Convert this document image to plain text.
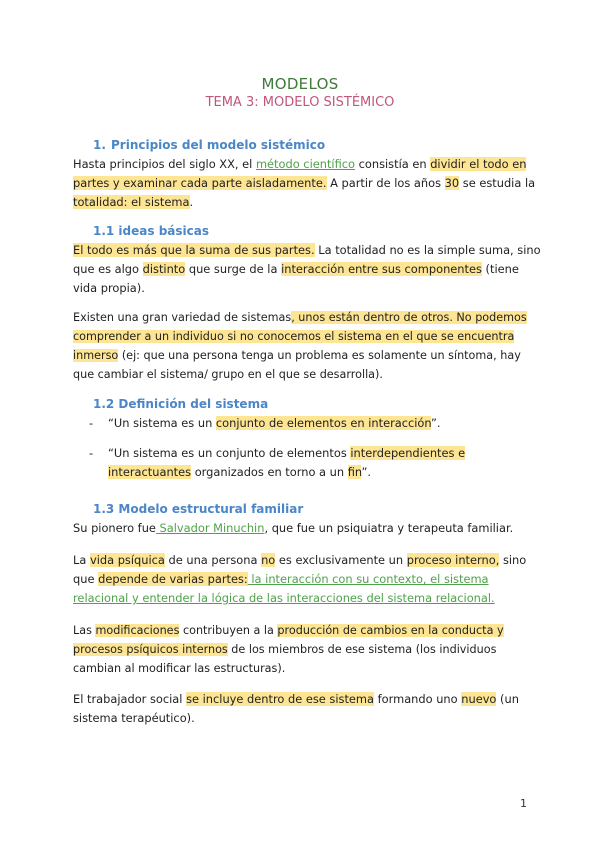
MODELOS
TEMA 3: MODELO SISTÉMICO

1. Principios del modelo sistémico

Hasta principios del siglo XX, el método científico consistía en dividir el todo en partes y examinar cada parte aisladamente. A partir de los años 30 se estudia la totalidad: el sistema.

1.1 ideas básicas

El todo es más que la suma de sus partes. La totalidad no es la simple suma, sino que es algo distinto que surge de la interacción entre sus componentes (tiene vida propia).

Existen una gran variedad de sistemas, unos están dentro de otros. No podemos comprender a un individuo si no conocemos el sistema en el que se encuentra inmerso (ej: que una persona tenga un problema es solamente un síntoma, hay que cambiar el sistema/ grupo en el que se desarrolla).

1.2 Definición del sistema

- “Un sistema es un conjunto de elementos en interacción”.
- “Un sistema es un conjunto de elementos interdependientes e interactuantes organizados en torno a un fin”.

1.3 Modelo estructural familiar

Su pionero fue Salvador Minuchin, que fue un psiquiatra y terapeuta familiar.

La vida psíquica de una persona no es exclusivamente un proceso interno, sino que depende de varias partes: la interacción con su contexto, el sistema relacional y entender la lógica de las interacciones del sistema relacional.

Las modificaciones contribuyen a la producción de cambios en la conducta y procesos psíquicos internos de los miembros de ese sistema (los individuos cambian al modificar las estructuras).

El trabajador social se incluye dentro de ese sistema formando uno nuevo (un sistema terapéutico).

1
